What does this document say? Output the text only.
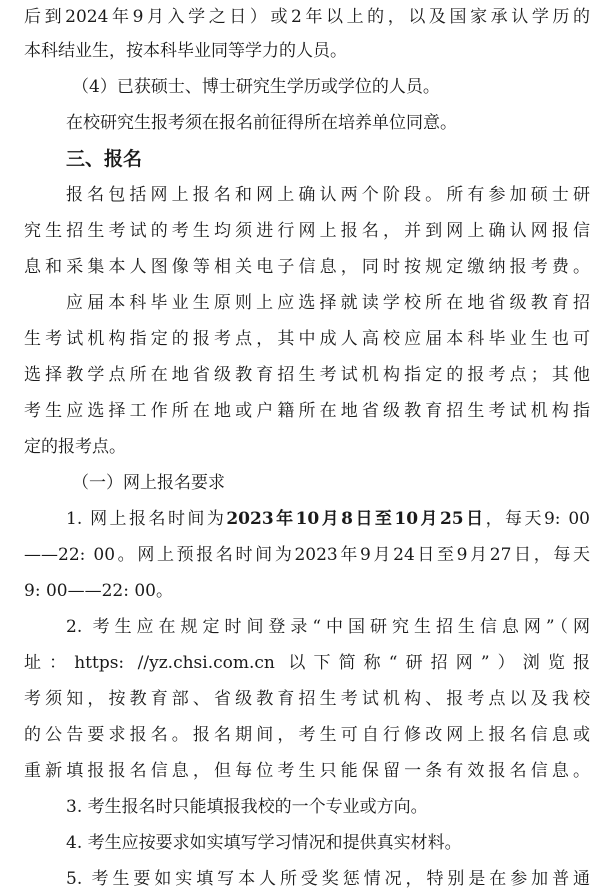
后到2024年9月入学之日）或2年以上的，以及国家承认学历的
本科结业生，按本科毕业同等学力的人员。
（4）已获硕士、博士研究生学历或学位的人员。
在校研究生报考须在报名前征得所在培养单位同意。
三、报名
报名包括网上报名和网上确认两个阶段。所有参加硕士研
究生招生考试的考生均须进行网上报名，并到网上确认网报信
息和采集本人图像等相关电子信息，同时按规定缴纳报考费。
应届本科毕业生原则上应选择就读学校所在地省级教育招
生考试机构指定的报考点，其中成人高校应届本科毕业生也可
选择教学点所在地省级教育招生考试机构指定的报考点；其他
考生应选择工作所在地或户籍所在地省级教育招生考试机构指
定的报考点。
（一）网上报名要求
1. 网上报名时间为2023年10月8日至10月25日，每天9: 00
——22: 00。网上预报名时间为2023年9月24日至9月27日，每天
9: 00——22: 00。
2. 考生应在规定时间登录“中国研究生招生信息网”（网
址：https: //yz.chsi.com.cn 以下简称“研招网”）浏览报
考须知，按教育部、省级教育招生考试机构、报考点以及我校
的公告要求报名。报名期间，考生可自行修改网上报名信息或
重新填报报名信息，但每位考生只能保留一条有效报名信息。
3. 考生报名时只能填报我校的一个专业或方向。
4. 考生应按要求如实填写学习情况和提供真实材料。
5. 考生要如实填写本人所受奖惩情况，特别是在参加普通
